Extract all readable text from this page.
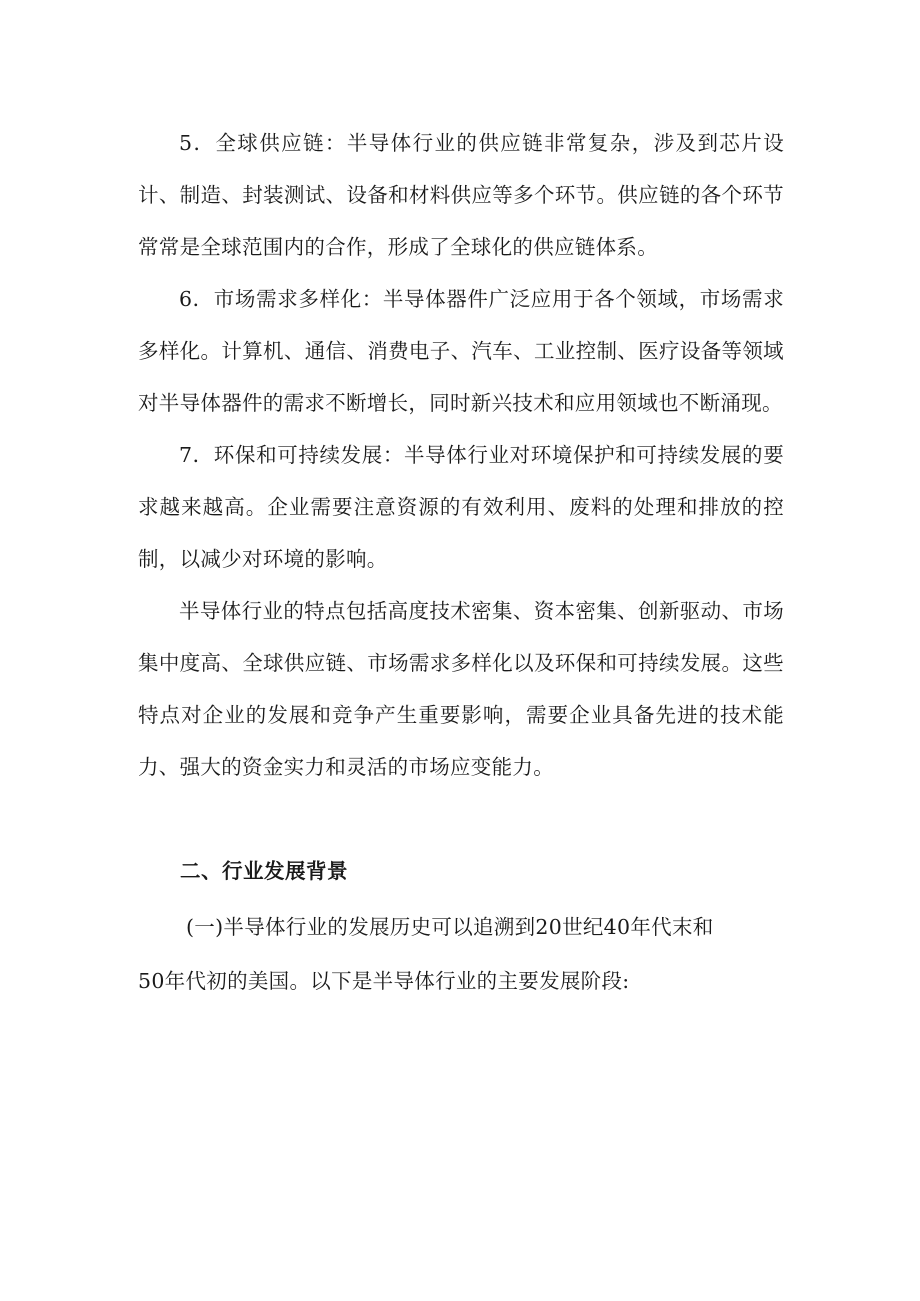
5．全球供应链：半导体行业的供应链非常复杂，涉及到芯片设计、制造、封装测试、设备和材料供应等多个环节。供应链的各个环节常常是全球范围内的合作，形成了全球化的供应链体系。

6．市场需求多样化：半导体器件广泛应用于各个领域，市场需求多样化。计算机、通信、消费电子、汽车、工业控制、医疗设备等领域对半导体器件的需求不断增长，同时新兴技术和应用领域也不断涌现。

7．环保和可持续发展：半导体行业对环境保护和可持续发展的要求越来越高。企业需要注意资源的有效利用、废料的处理和排放的控制，以减少对环境的影响。

半导体行业的特点包括高度技术密集、资本密集、创新驱动、市场集中度高、全球供应链、市场需求多样化以及环保和可持续发展。这些特点对企业的发展和竞争产生重要影响，需要企业具备先进的技术能力、强大的资金实力和灵活的市场应变能力。

二、行业发展背景

(一)半导体行业的发展历史可以追溯到20世纪40年代末和

50年代初的美国。以下是半导体行业的主要发展阶段:
